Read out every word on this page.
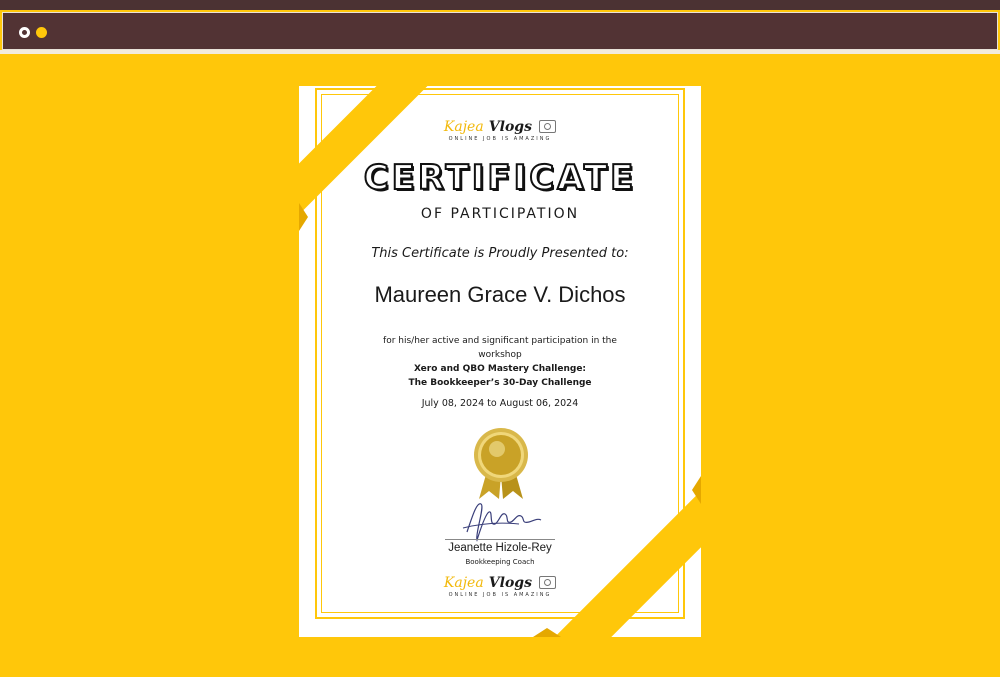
Kajea Vlogs
ONLINE JOB IS AMAZING
CERTIFICATE
OF PARTICIPATION
This Certificate is Proudly Presented to:
Maureen Grace V. Dichos
for his/her active and significant participation in the
workshop
Xero and QBO Mastery Challenge:
The Bookkeeper’s 30-Day Challenge
July 08, 2024 to August 06, 2024
Jeanette Hizole-Rey
Bookkeeping Coach
Kajea Vlogs
ONLINE JOB IS AMAZING
